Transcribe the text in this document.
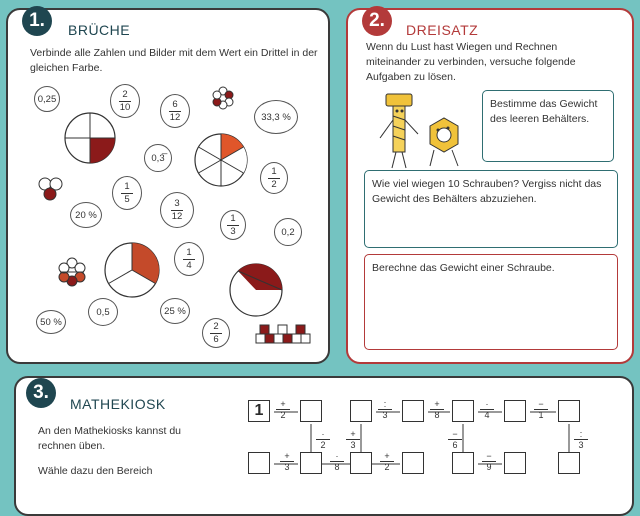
1.	BRÜCHE
Verbinde alle Zahlen und Bilder mit dem Wert ein Drittel in der gleichen Farbe.
0,25	$\frac{2}{10}$	$\frac{6}{12}$	33,3 %
0,3̅
$\frac{1}{5}$
$\frac{1}{2}$
$\frac{3}{12}$
20 %	$\frac{1}{3}$	0,2
$\frac{1}{4}$
0,5	25 %
50 %	$\frac{2}{6}$
2.	DREISATZ
Wenn du Lust hast Wiegen und Rechnen miteinander zu verbinden, versuche folgende Aufgaben zu lösen.
Bestimme das Gewicht des leeren Behälters.
Wie viel wiegen 10 Schrauben? Vergiss nicht das Gewicht des Behälters abzuziehen.
Berechne das Gewicht einer Schraube.
3.
MATHEKIOSK
An den Mathekiosks kannst du rechnen üben.
Wähle dazu den Bereich
1	+
2
:
3
+
8
·
4
−
1
·
2
+
3
−
6
:
3
+
3
·
8
+
2
−
9
